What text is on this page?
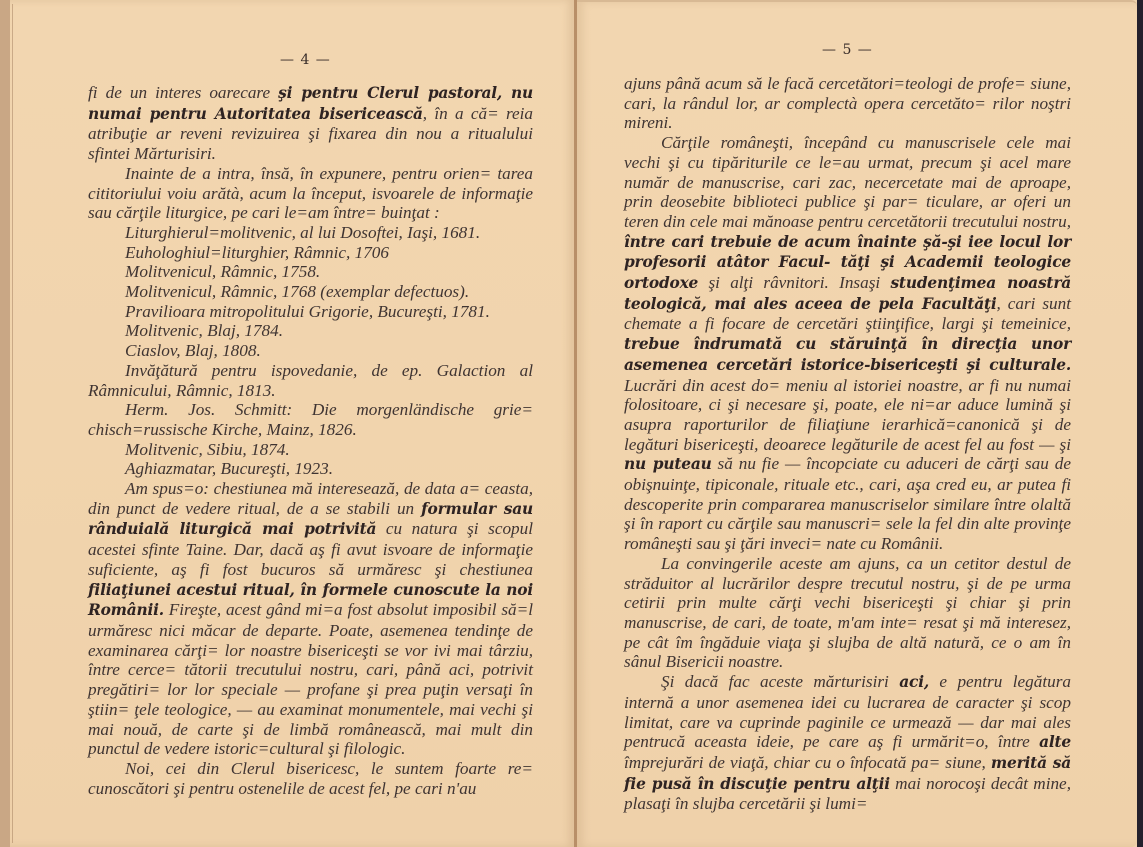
— 4 —

fi de un interes oarecare şi pentru Clerul pastoral, nu numai pentru Autoritatea bisericească, în a că= reia atribuţie ar reveni revizuirea şi fixarea din nou a ritualului sfintei Mărturisiri.

Inainte de a intra, însă, în expunere, pentru orien= tarea cititoriului voiu arătà, acum la început, isvoarele de informaţie sau cărţile liturgice, pe cari le=am între= buinţat :

Liturghierul=molitvenic, al lui Dosoftei, Iaşi, 1681.

Euhologhiul=liturghier, Râmnic, 1706

Molitvenicul, Râmnic, 1758.

Molitvenicul, Râmnic, 1768 (exemplar defectuos).

Pravilioara mitropolitului Grigorie, Bucureşti, 1781.

Molitvenic, Blaj, 1784.

Ciaslov, Blaj, 1808.

Invăţătură pentru ispovedanie, de ep. Galaction al Râmnicului, Râmnic, 1813.

Herm. Jos. Schmitt: Die morgenländische grie= chisch=russische Kirche, Mainz, 1826.

Molitvenic, Sibiu, 1874.

Aghiazmatar, Bucureşti, 1923.

Am spus=o: chestiunea mă interesează, de data a= ceasta, din punct de vedere ritual, de a se stabili un formular sau rânduială liturgică mai potrivită cu natura şi scopul acestei sfinte Taine. Dar, dacă aş fi avut isvoare de informaţie suficiente, aş fi fost bucuros să urmăresc şi chestiunea filiaţiunei acestui ritual, în formele cunoscute la noi Românii. Fireşte, acest gând mi=a fost absolut imposibil să=l urmăresc nici măcar de departe. Poate, asemenea tendinţe de examinarea cărţi= lor noastre bisericeşti se vor ivi mai târziu, între cerce= tătorii trecutului nostru, cari, până aci, potrivit pregătiri= lor lor speciale — profane şi prea puţin versaţi în ştiin= ţele teologice, — au examinat monumentele, mai vechi şi mai nouă, de carte şi de limbă românească, mai mult din punctul de vedere istoric=cultural şi filologic.

Noi, cei din Clerul bisericesc, le suntem foarte re= cunoscători şi pentru ostenelile de acest fel, pe cari n'au

— 5 —

ajuns până acum să le facă cercetători=teologi de profe= siune, cari, la rândul lor, ar complectà opera cercetăto= rilor noştri mireni.

Cărţile româneşti, începând cu manuscrisele cele mai vechi şi cu tipăriturile ce le=au urmat, precum şi acel mare număr de manuscrise, cari zac, necercetate mai de aproape, prin deosebite biblioteci publice şi par= ticulare, ar oferi un teren din cele mai mănoase pentru cercetătorii trecutului nostru, între cari trebuie de acum înainte şă-şi iee locul lor profesorii atâtor Facul- tăţi şi Academii teologice ortodoxe şi alţi râvnitori. Insaşi studenţimea noastră teologică, mai ales aceea de pela Facultăţi, cari sunt chemate a fi focare de cercetări ştiinţifice, largi şi temeinice, trebue îndrumată cu stăruinţă în direcţia unor asemenea cercetări istorice-bisericeşti şi culturale. Lucrări din acest do= meniu al istoriei noastre, ar fi nu numai folositoare, ci şi necesare şi, poate, ele ni=ar aduce lumină şi asupra raporturilor de filiaţiune ierarhică=canonică şi de legături bisericeşti, deoarece legăturile de acest fel au fost — şi nu puteau să nu fie — încopciate cu aduceri de cărţi sau de obişnuinţe, tipiconale, rituale etc., cari, aşa cred eu, ar putea fi descoperite prin compararea manuscriselor similare între olaltă şi în raport cu cărţile sau manuscri= sele la fel din alte provinţe româneşti sau şi ţări inveci= nate cu Românii.

La convingerile aceste am ajuns, ca un cetitor destul de străduitor al lucrărilor despre trecutul nostru, şi de pe urma cetirii prin multe cărţi vechi bisericeşti şi chiar şi prin manuscrise, de cari, de toate, m'am inte= resat şi mă interesez, pe cât îm îngăduie viaţa şi slujba de altă natură, ce o am în sânul Bisericii noastre.

Şi dacă fac aceste mărturisiri aci, e pentru legătura internă a unor asemenea idei cu lucrarea de caracter şi scop limitat, care va cuprinde paginile ce urmează — dar mai ales pentrucă aceasta ideie, pe care aş fi urmărit=o, între alte împrejurări de viaţă, chiar cu o înfocată pa= siune, merită să fie pusă în discuţie pentru alţii mai norocoşi decât mine, plasaţi în slujba cercetării şi lumi=
